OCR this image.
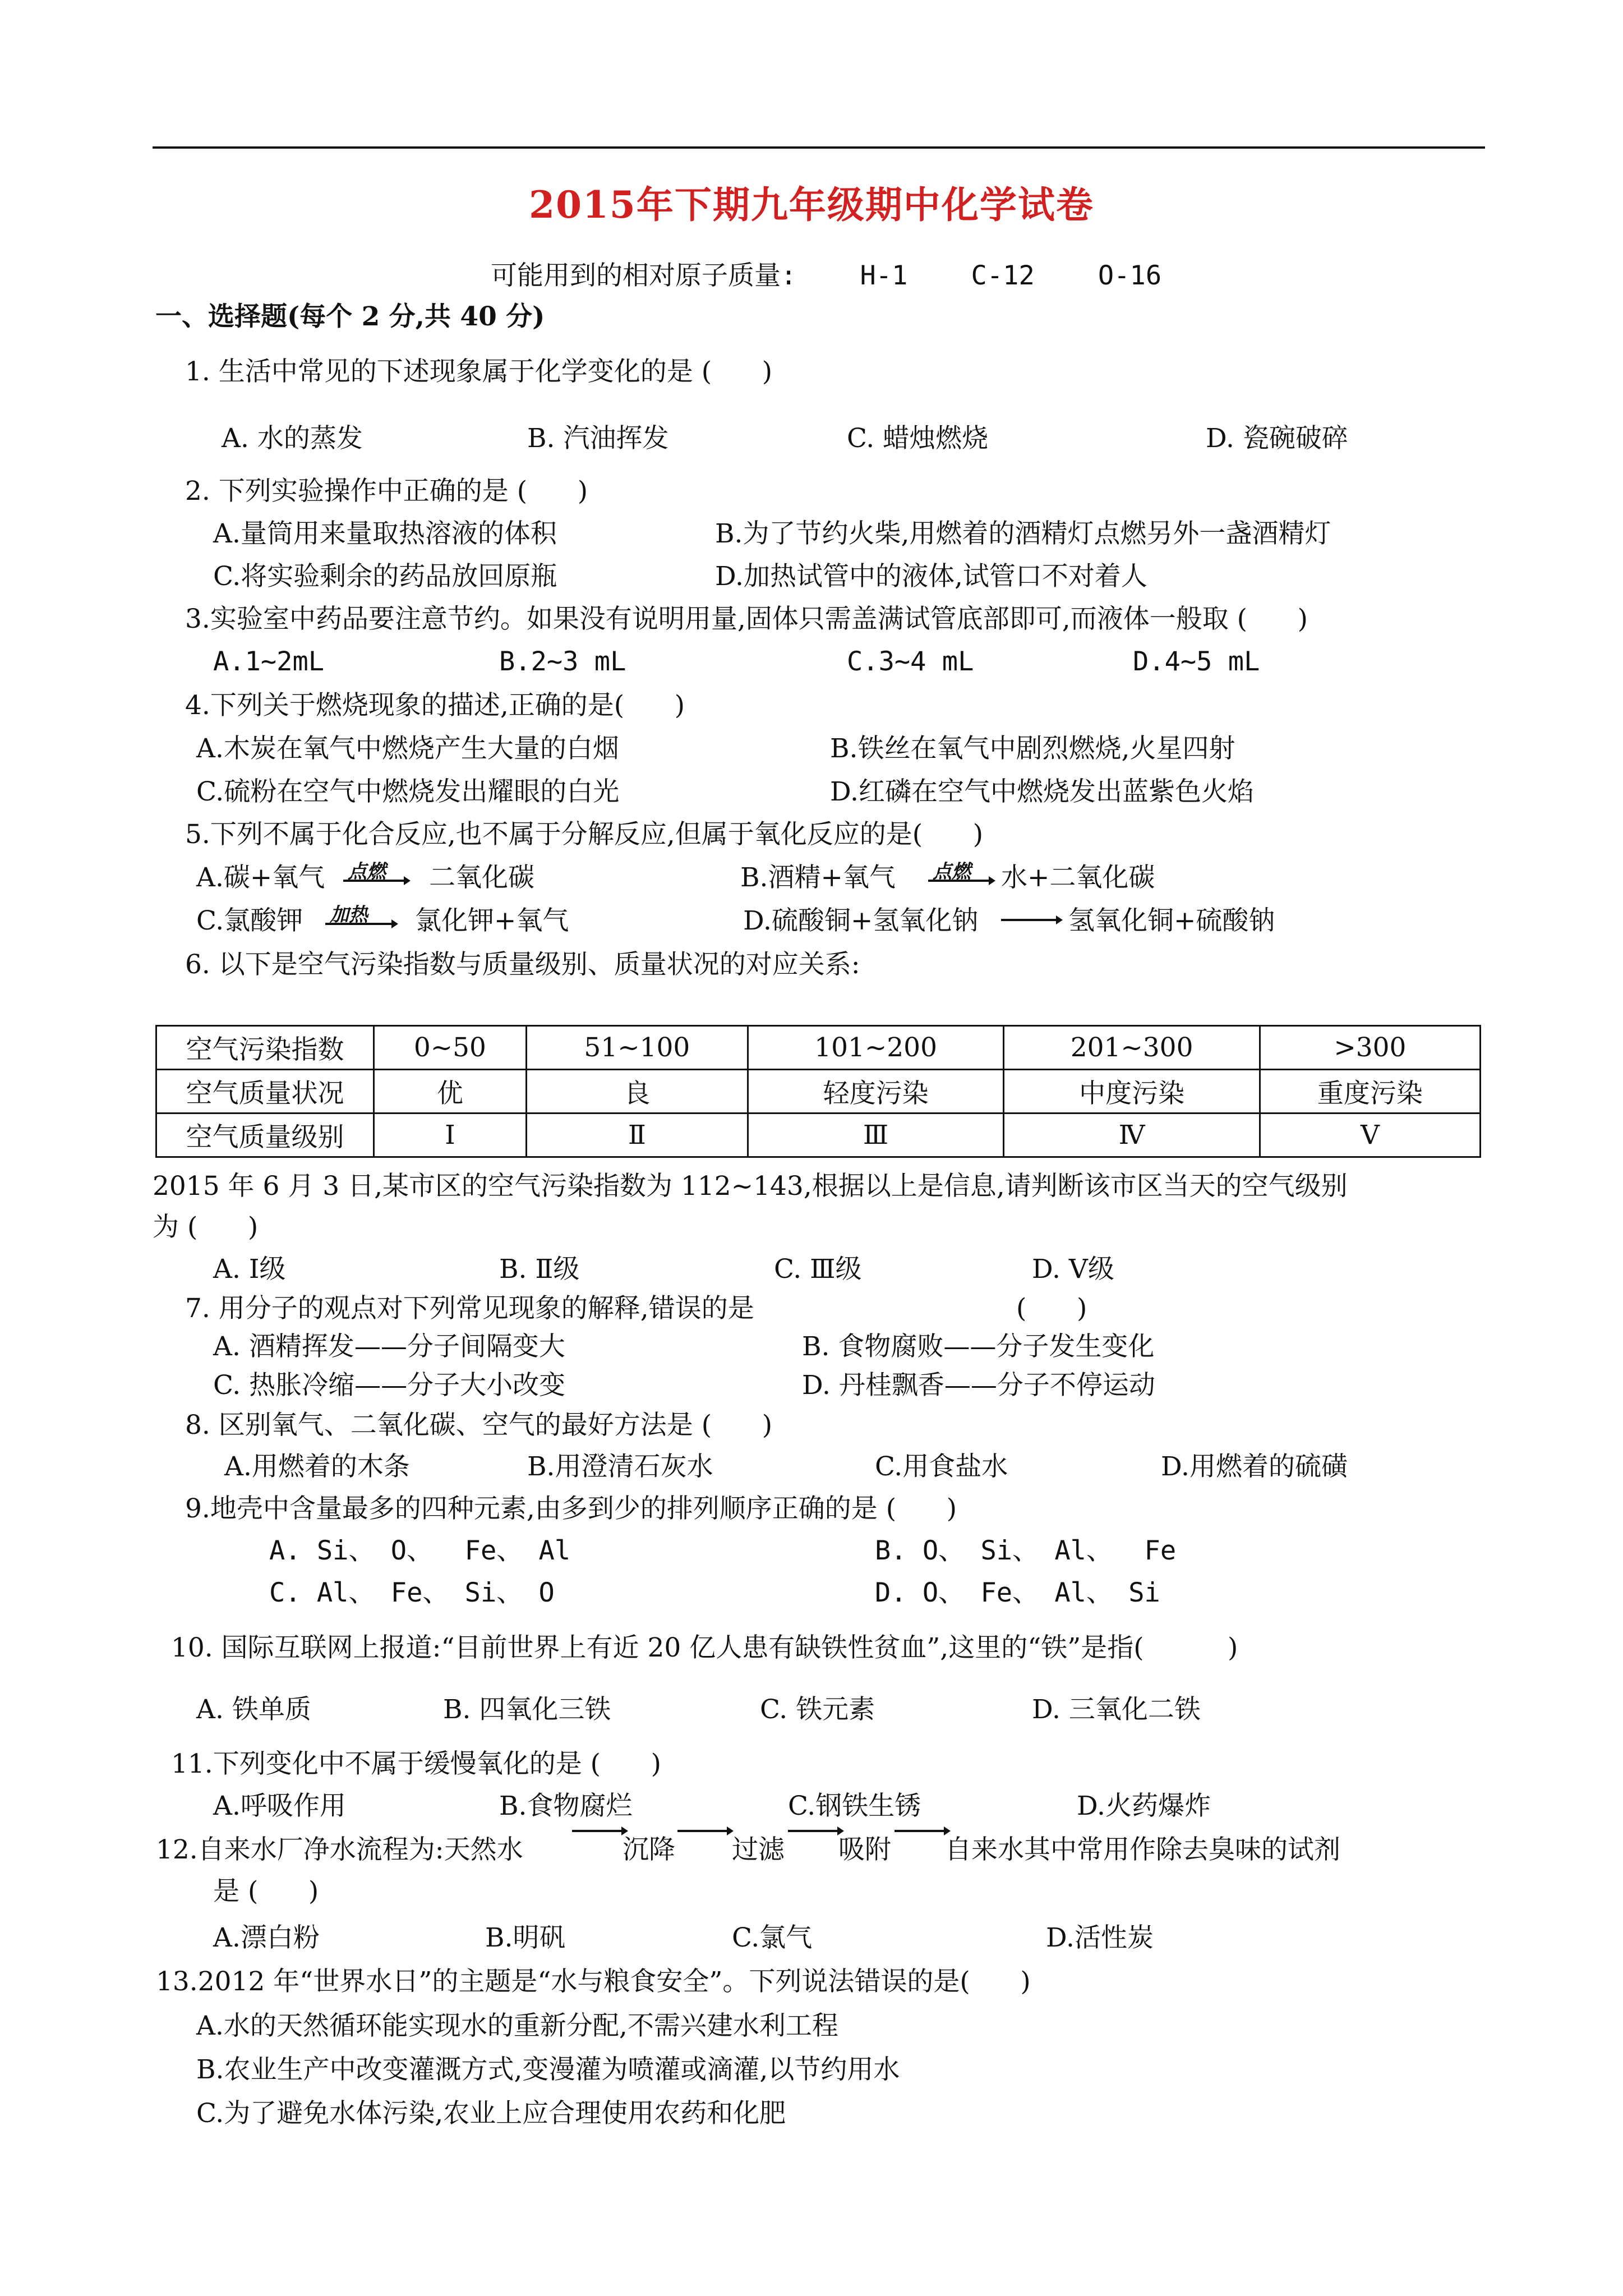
2015年下期九年级期中化学试卷
可能用到的相对原子质量:    H-1    C-12    O-16
一、选择题(每个 2 分,共 40 分)
1. 生活中常见的下述现象属于化学变化的是 (      )
A. 水的蒸发	B. 汽油挥发	C. 蜡烛燃烧	D. 瓷碗破碎
2. 下列实验操作中正确的是 (      )
A.量筒用来量取热溶液的体积	B.为了节约火柴,用燃着的酒精灯点燃另外一盏酒精灯
C.将实验剩余的药品放回原瓶	D.加热试管中的液体,试管口不对着人
3.实验室中药品要注意节约。如果没有说明用量,固体只需盖满试管底部即可,而液体一般取 (      )
A.1~2mL	B.2~3 mL	C.3~4 mL	D.4~5 mL
4.下列关于燃烧现象的描述,正确的是(      )
A.木炭在氧气中燃烧产生大量的白烟	B.铁丝在氧气中剧烈燃烧,火星四射
C.硫粉在空气中燃烧发出耀眼的白光	D.红磷在空气中燃烧发出蓝紫色火焰
5.下列不属于化合反应,也不属于分解反应,但属于氧化反应的是(      )
A.碳+氧气 点燃 二氧化碳	B.酒精+氧气 点燃 水+二氧化碳
C.氯酸钾 加热 氯化钾+氧气	D.硫酸铜+氢氧化钠	氢氧化铜+硫酸钠
6. 以下是空气污染指数与质量级别、质量状况的对应关系:
空气污染指数	0~50	51~100	101~200	201~300	>300
空气质量状况	优	良	轻度污染	中度污染	重度污染
空气质量级别	Ⅰ	Ⅱ	Ⅲ	Ⅳ	Ⅴ
2015 年 6 月 3 日,某市区的空气污染指数为 112~143,根据以上是信息,请判断该市区当天的空气级别
为 (      )
A. Ⅰ级	B. Ⅱ级	C. Ⅲ级	D. Ⅴ级
7. 用分子的观点对下列常见现象的解释,错误的是	(      )
A. 酒精挥发——分子间隔变大	B. 食物腐败——分子发生变化
C. 热胀冷缩——分子大小改变	D. 丹桂飘香——分子不停运动
8. 区别氧气、二氧化碳、空气的最好方法是 (      )
A.用燃着的木条	B.用澄清石灰水	C.用食盐水	D.用燃着的硫磺
9.地壳中含量最多的四种元素,由多到少的排列顺序正确的是 (      )
A. Si、 O、  Fe、 Al	B. O、 Si、 Al、  Fe
C. Al、 Fe、 Si、 O	D. O、 Fe、 Al、 Si
10. 国际互联网上报道:“目前世界上有近 20 亿人患有缺铁性贫血”,这里的“铁”是指(          )
A. 铁单质	B. 四氧化三铁	C. 铁元素	D. 三氧化二铁
11.下列变化中不属于缓慢氧化的是 (      )
A.呼吸作用	B.食物腐烂	C.钢铁生锈	D.火药爆炸
12.自来水厂净水流程为:天然水	沉降 过滤 吸附 自来水其中常用作除去臭味的试剂
是 (      )
A.漂白粉	B.明矾	C.氯气	D.活性炭
13.2012 年“世界水日”的主题是“水与粮食安全”。下列说法错误的是(      )
A.水的天然循环能实现水的重新分配,不需兴建水利工程
B.农业生产中改变灌溉方式,变漫灌为喷灌或滴灌,以节约用水
C.为了避免水体污染,农业上应合理使用农药和化肥
